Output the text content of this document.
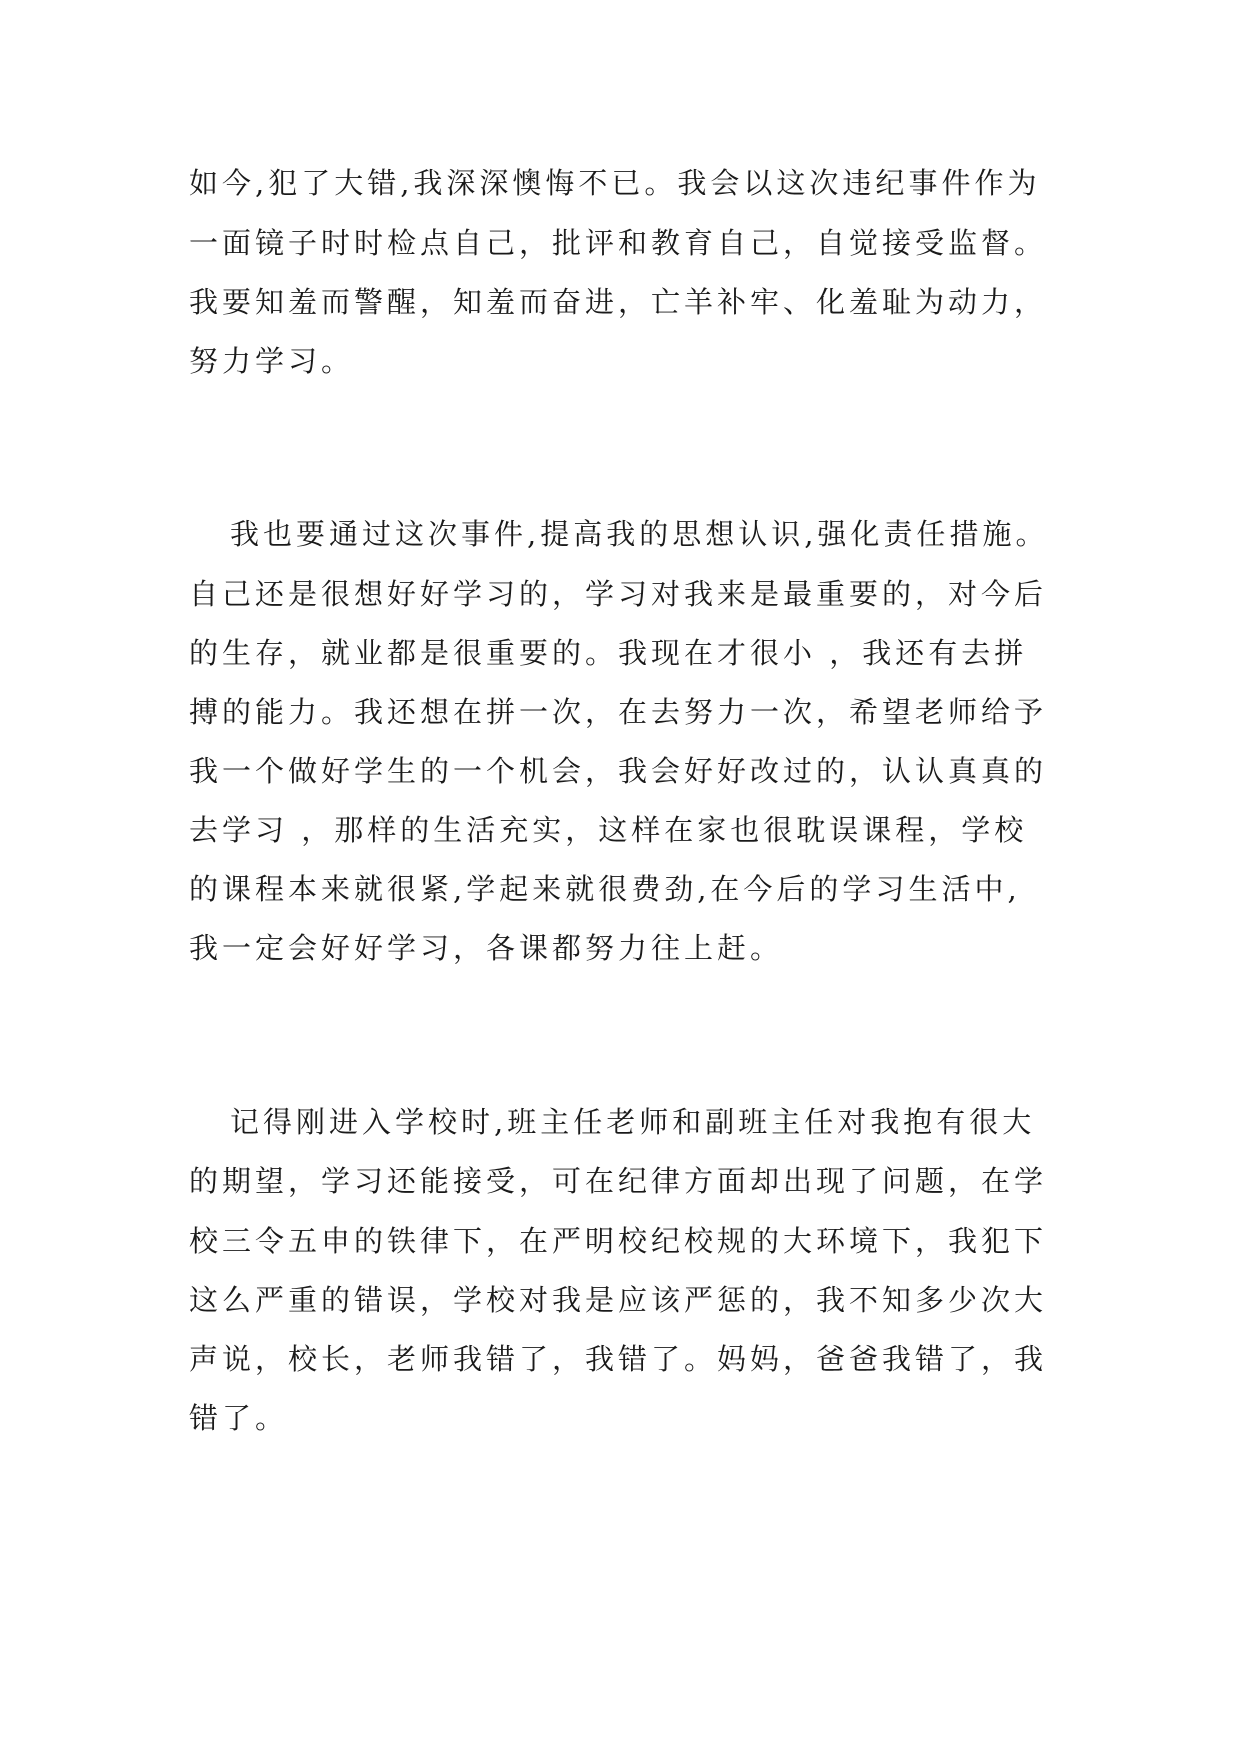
如今,犯了大错,我深深懊悔不已。我会以这次违纪事件作为
一面镜子时时检点自己，批评和教育自己，自觉接受监督。
我要知羞而警醒，知羞而奋进，亡羊补牢、化羞耻为动力，
努力学习。
我也要通过这次事件,提高我的思想认识,强化责任措施。
自己还是很想好好学习的，学习对我来是最重要的，对今后
的生存，就业都是很重要的。我现在才很小 ，我还有去拼
搏的能力。我还想在拼一次，在去努力一次，希望老师给予
我一个做好学生的一个机会，我会好好改过的，认认真真的
去学习 ，那样的生活充实，这样在家也很耽误课程，学校
的课程本来就很紧,学起来就很费劲,在今后的学习生活中,
我一定会好好学习，各课都努力往上赶。
记得刚进入学校时,班主任老师和副班主任对我抱有很大
的期望，学习还能接受，可在纪律方面却出现了问题，在学
校三令五申的铁律下，在严明校纪校规的大环境下，我犯下
这么严重的错误，学校对我是应该严惩的，我不知多少次大
声说，校长，老师我错了，我错了。妈妈，爸爸我错了，我
错了。
